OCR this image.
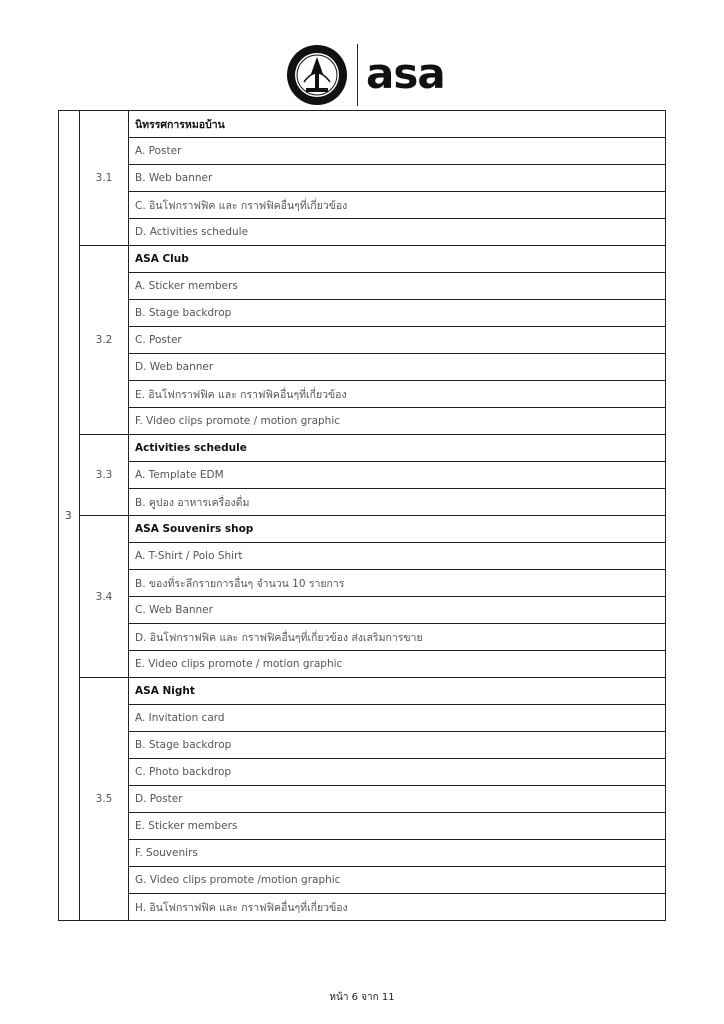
asa
3	3.1	นิทรรศการหมอบ้าน
		A. Poster
		B. Web banner
		C. อินโฟกราฟฟิค และ กราฟฟิคอื่นๆที่เกี่ยวข้อง
		D. Activities schedule
	3.2	ASA Club
		A. Sticker members
		B. Stage backdrop
		C. Poster
		D. Web banner
		E. อินโฟกราฟฟิค และ กราฟฟิคอื่นๆที่เกี่ยวข้อง
		F. Video clips promote / motion graphic
	3.3	Activities schedule
		A. Template EDM
		B. คูปอง อาหารเครื่องดื่ม
	3.4	ASA Souvenirs shop
		A. T-Shirt / Polo Shirt
		B. ของที่ระลึกรายการอื่นๆ จำนวน 10 รายการ
		C. Web Banner
		D. อินโฟกราฟฟิค และ กราฟฟิคอื่นๆที่เกี่ยวข้อง ส่งเสริมการขาย
		E. Video clips promote / motion graphic
	3.5	ASA Night
		A. Invitation card
		B. Stage backdrop
		C. Photo backdrop
		D. Poster
		E. Sticker members
		F. Souvenirs
		G. Video clips promote /motion graphic
		H. อินโฟกราฟฟิค และ กราฟฟิคอื่นๆที่เกี่ยวข้อง
หน้า 6 จาก 11
